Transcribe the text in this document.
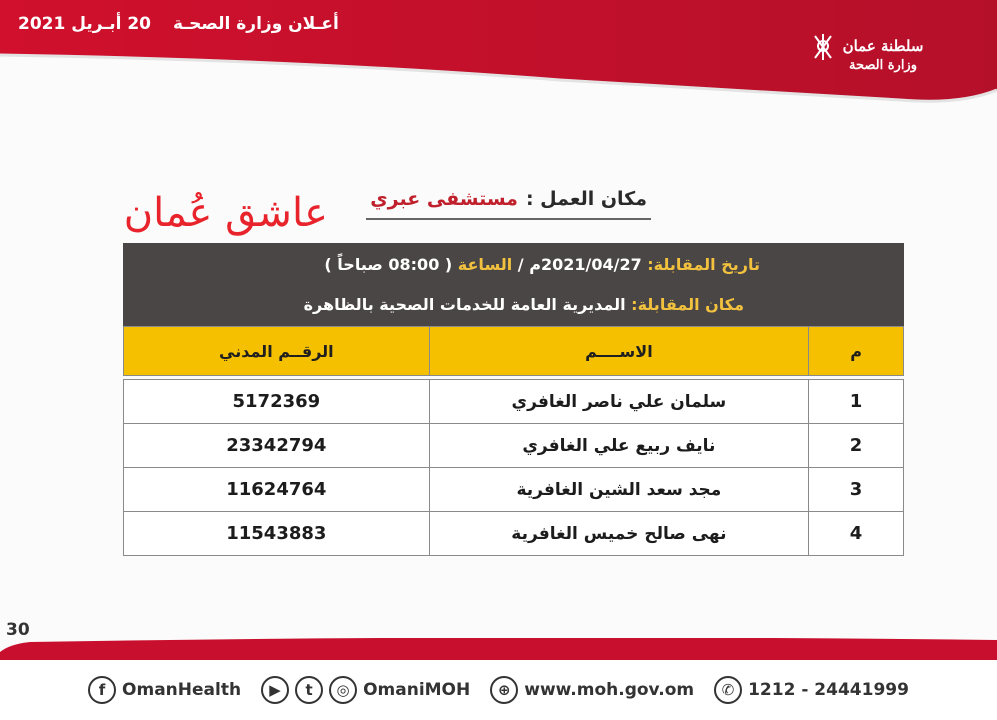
أعـلان وزارة الصحـة
20 أبـريل 2021
سلطنة عمان
وزارة الصحة
مكان العمل :
مستشفى عبري
عاشق عُمان
تاريخ المقابلة: 2021/04/27م / الساعة ( 08:00 صباحاً )
مكان المقابلة: المديرية العامة للخدمات الصحية بالظاهرة
م	الاســــم	الرقــم المدني

1	سلمان علي ناصر الغافري	5172369
2	نايف ربيع علي الغافري	23342794
3	مجد سعد الشين الغافرية	11624764
4	نهى صالح خميس الغافرية	11543883
30
f OmanHealth	▶	t	◎ OmaniMOH	⊕ www.moh.gov.om	✆ 1212 - 24441999
